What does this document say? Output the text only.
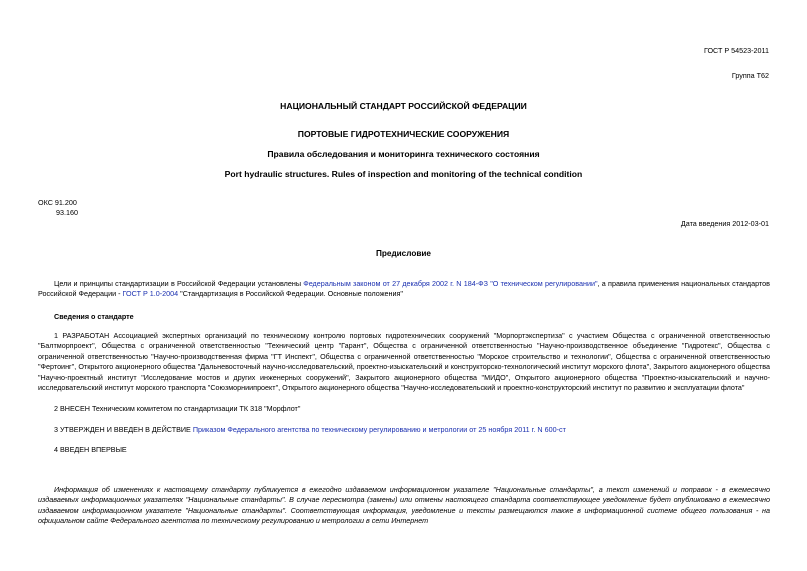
ГОСТ Р 54523-2011
Группа Т62
НАЦИОНАЛЬНЫЙ СТАНДАРТ РОССИЙСКОЙ ФЕДЕРАЦИИ
ПОРТОВЫЕ ГИДРОТЕХНИЧЕСКИЕ СООРУЖЕНИЯ
Правила обследования и мониторинга технического состояния
Port hydraulic structures. Rules of inspection and monitoring of the technical condition
ОКС 91.200
93.160
Дата введения 2012-03-01
Предисловие
Цели и принципы стандартизации в Российской Федерации установлены Федеральным законом от 27 декабря 2002 г. N 184-ФЗ "О техническом регулировании", а правила применения национальных стандартов Российской Федерации - ГОСТ Р 1.0-2004 "Стандартизация в Российской Федерации. Основные положения"
Сведения о стандарте
1 РАЗРАБОТАН Ассоциацией экспертных организаций по техническому контролю портовых гидротехнических сооружений "Морпортэкспертиза" с участием Общества с ограниченной ответственностью "Балтморпроект", Общества с ограниченной ответственностью "Технический центр "Гарант", Общества с ограниченной ответственностью "Научно-производственное объединение "Гидротекс", Общества с ограниченной ответственностью "Научно-производственная фирма "ГТ Инспект", Общества с ограниченной ответственностью "Морское строительство и технологии", Общества с ограниченной ответственностью "Фертоинг", Открытого акционерного общества "Дальневосточный научно-исследовательский, проектно-изыскательский и конструкторско-технологический институт морского флота", Закрытого акционерного общества "Научно-проектный институт "Исследование мостов и других инженерных сооружений", Закрытого акционерного общества "МИДО", Открытого акционерного общества "Проектно-изыскательский и научно-исследовательский институт морского транспорта "Союзморниипроект", Открытого акционерного общества "Научно-исследовательский и проектно-конструкторский институт по развитию и эксплуатации флота"
2 ВНЕСЕН Техническим комитетом по стандартизации ТК 318 "Морфлот"
3 УТВЕРЖДЕН И ВВЕДЕН В ДЕЙСТВИЕ Приказом Федерального агентства по техническому регулированию и метрологии от 25 ноября 2011 г. N 600-ст
4 ВВЕДЕН ВПЕРВЫЕ
Информация об изменениях к настоящему стандарту публикуется в ежегодно издаваемом информационном указателе "Национальные стандарты", а текст изменений и поправок - в ежемесячно издаваемых информационных указателях "Национальные стандарты". В случае пересмотра (замены) или отмены настоящего стандарта соответствующее уведомление будет опубликовано в ежемесячно издаваемом информационном указателе "Национальные стандарты". Соответствующая информация, уведомление и тексты размещаются также в информационной системе общего пользования - на официальном сайте Федерального агентства по техническому регулированию и метрологии в сети Интернет
